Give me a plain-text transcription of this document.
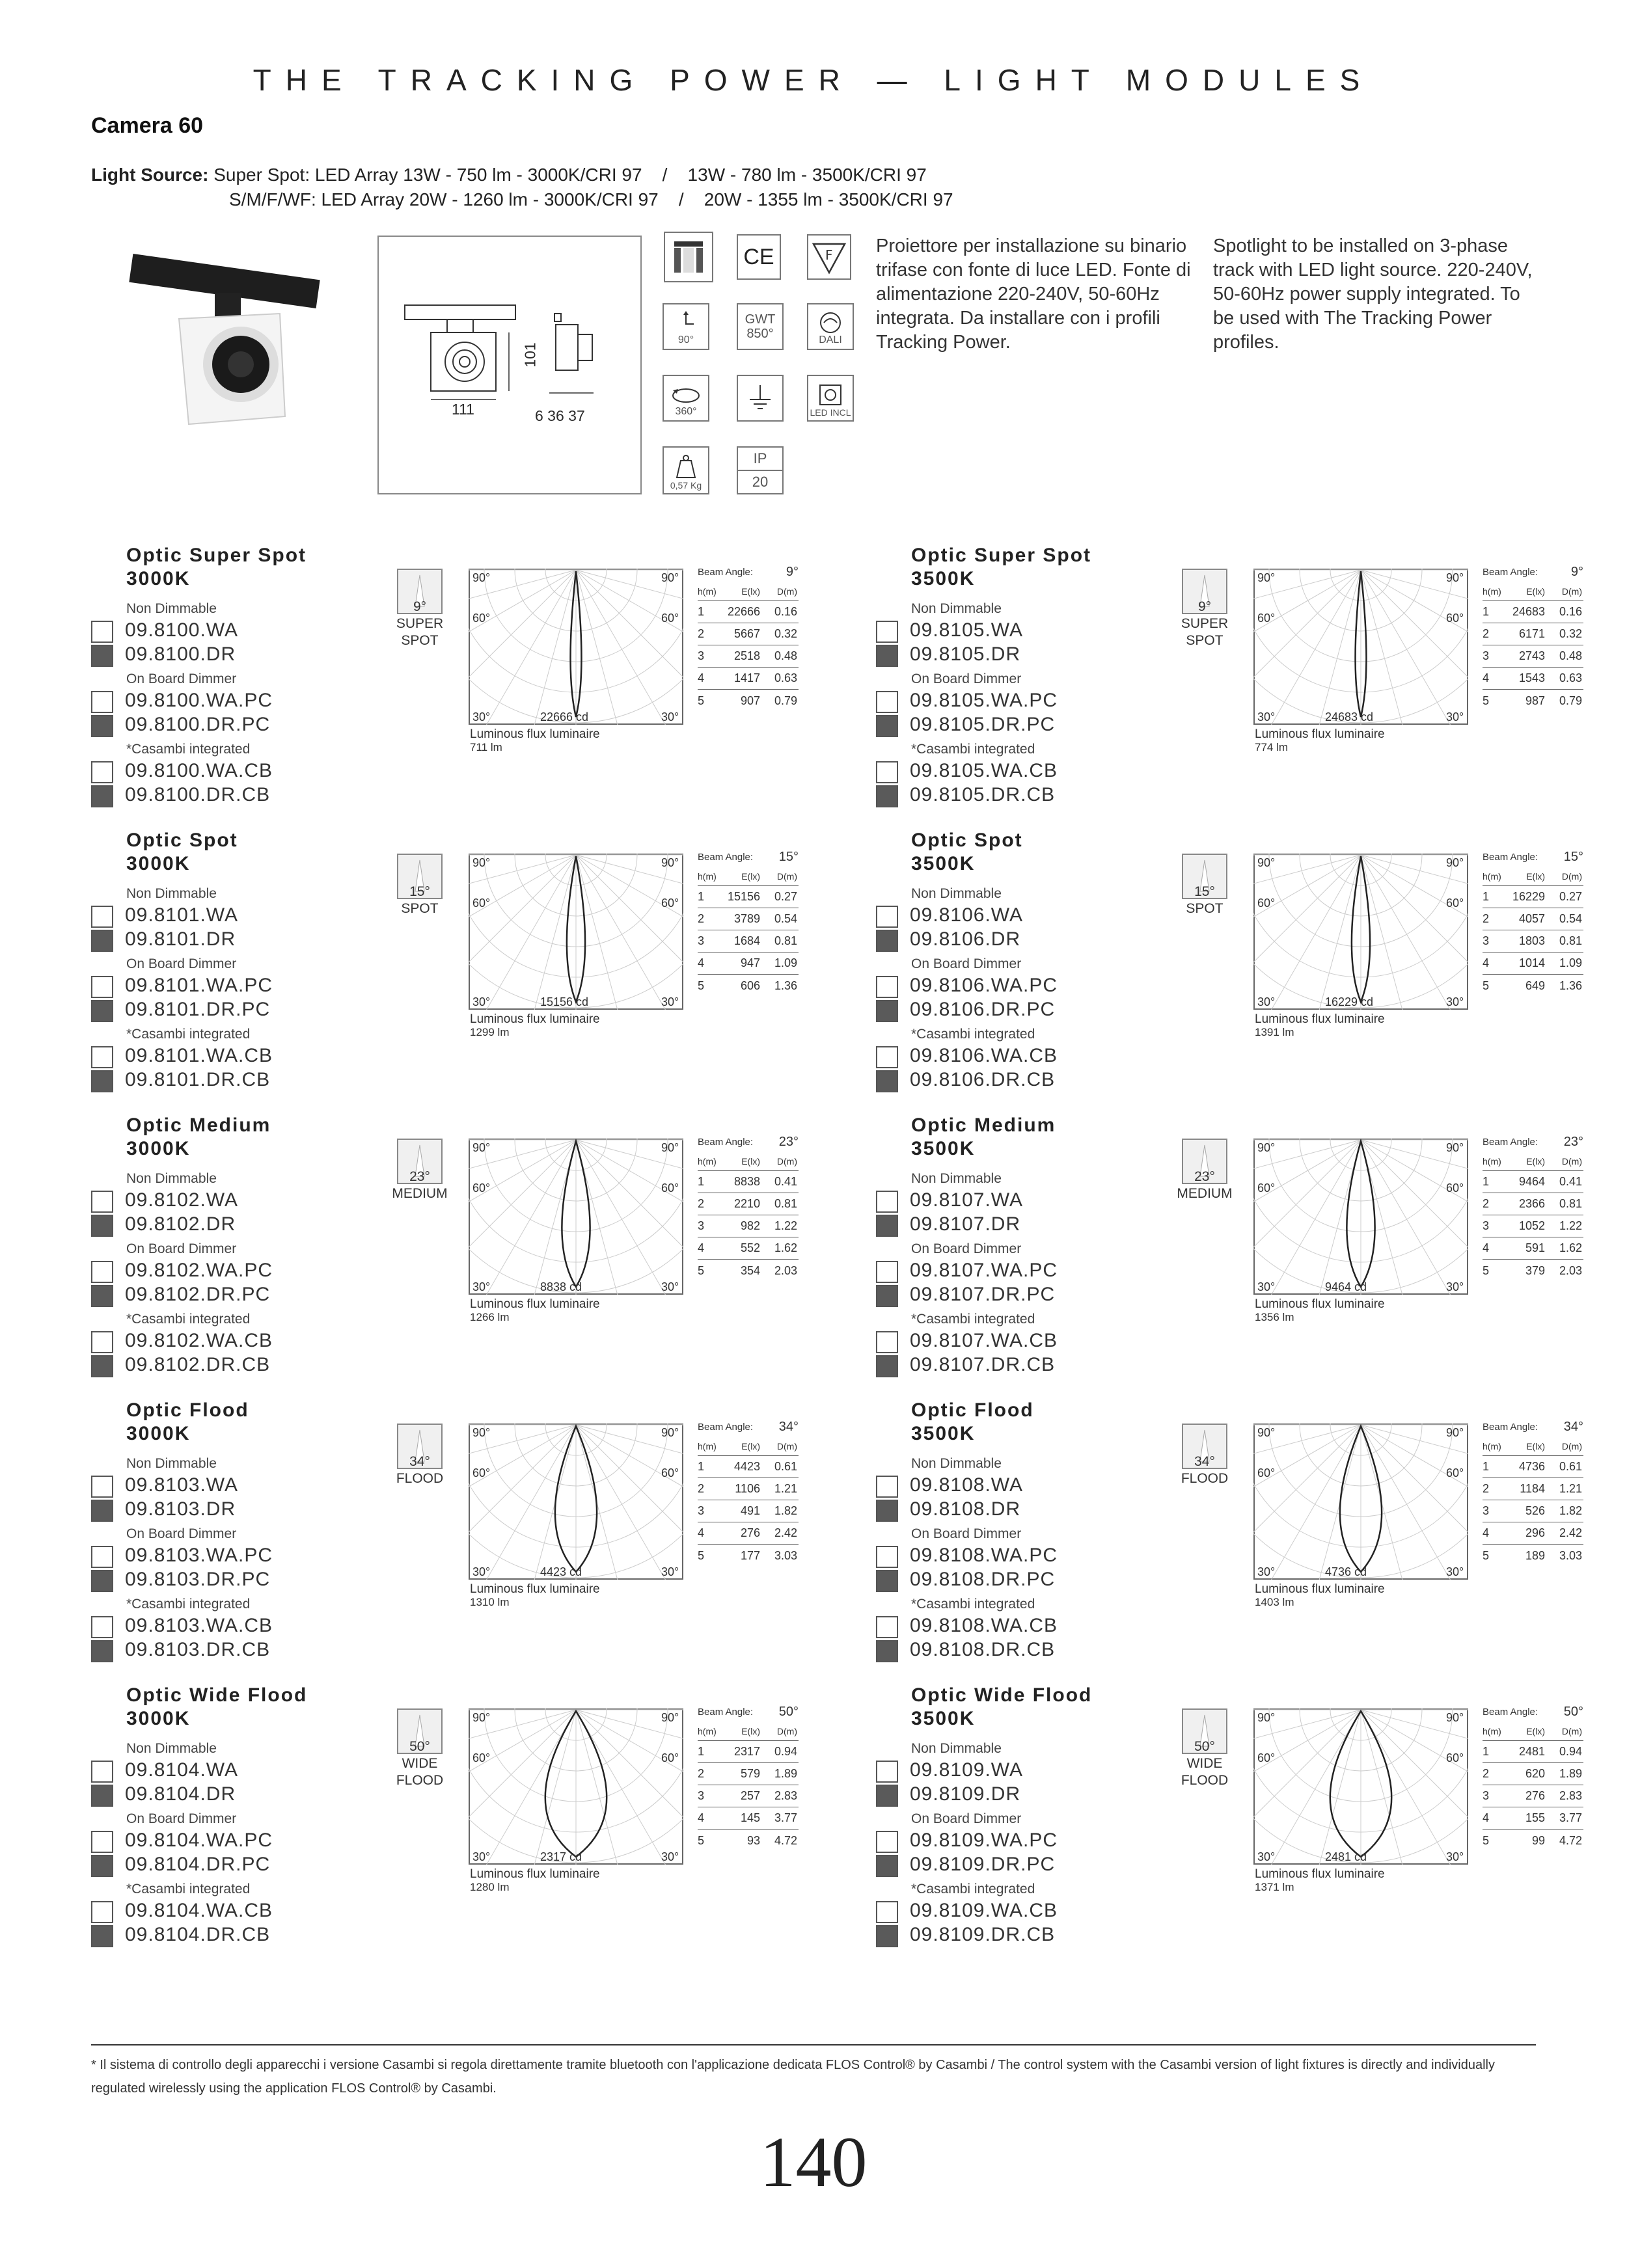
THE TRACKING POWER — LIGHT MODULES
Camera 60
Light Source: Super Spot: LED Array 13W - 750 lm - 3000K/CRI 97    /    13W - 780 lm - 3500K/CRI 97
S/M/F/WF: LED Array 20W - 1260 lm - 3000K/CRI 97    /    20W - 1355 lm - 3500K/CRI 97
111
101
6 36 37
CE	F
90°
GWT
850°	DALI
360°	LED INCL
0,57 Kg
IP
20
Proiettore per installazione su binario trifase con fonte di luce LED. Fonte di alimentazione 220-240V, 50-60Hz integrata. Da installare con i profili Tracking Power.
Spotlight to be installed on 3-phase track with LED light source. 220-240V, 50-60Hz power supply integrated. To be used with The Tracking Power profiles.
Optic Super Spot
3000K
Non Dimmable
09.8100.WA
09.8100.DR
On Board Dimmer
09.8100.WA.PC
09.8100.DR.PC
*Casambi integrated
09.8100.WA.CB
09.8100.DR.CB
9°
SUPER SPOT
90°	90°
60°	60°
30°	30°
22666 cd
Luminous flux luminaire
711 lm
Beam Angle:	9°
h(m)	E(lx)	D(m)
1	22666	0.16
2	5667	0.32
3	2518	0.48
4	1417	0.63
5	907	0.79
Optic Super Spot
3500K
Non Dimmable
09.8105.WA
09.8105.DR
On Board Dimmer
09.8105.WA.PC
09.8105.DR.PC
*Casambi integrated
09.8105.WA.CB
09.8105.DR.CB
9°
SUPER SPOT
90°	90°
60°	60°
30°	30°
24683 cd
Luminous flux luminaire
774 lm
Beam Angle:	9°
h(m)	E(lx)	D(m)
1	24683	0.16
2	6171	0.32
3	2743	0.48
4	1543	0.63
5	987	0.79
Optic Spot
3000K
Non Dimmable
09.8101.WA
09.8101.DR
On Board Dimmer
09.8101.WA.PC
09.8101.DR.PC
*Casambi integrated
09.8101.WA.CB
09.8101.DR.CB
15°
SPOT
90°	90°
60°	60°
30°	30°
15156 cd
Luminous flux luminaire
1299 lm
Beam Angle: 15°
h(m)	E(lx)	D(m)
1	15156	0.27
2	3789	0.54
3	1684	0.81
4	947	1.09
5	606	1.36
Optic Spot
3500K
Non Dimmable
09.8106.WA
09.8106.DR
On Board Dimmer
09.8106.WA.PC
09.8106.DR.PC
*Casambi integrated
09.8106.WA.CB
09.8106.DR.CB
15°
SPOT
90°	90°
60°	60°
30°	30°
16229 cd
Luminous flux luminaire
1391 lm
Beam Angle: 15°
h(m)	E(lx)	D(m)
1	16229	0.27
2	4057	0.54
3	1803	0.81
4	1014	1.09
5	649	1.36
Optic Medium
3000K
Non Dimmable
09.8102.WA
09.8102.DR
On Board Dimmer
09.8102.WA.PC
09.8102.DR.PC
*Casambi integrated
09.8102.WA.CB
09.8102.DR.CB
23°
MEDIUM
90°	90°
60°	60°
30°	30°
8838 cd
Luminous flux luminaire
1266 lm
Beam Angle: 23°
h(m)	E(lx)	D(m)
1	8838	0.41
2	2210	0.81
3	982	1.22
4	552	1.62
5	354	2.03
Optic Medium
3500K
Non Dimmable
09.8107.WA
09.8107.DR
On Board Dimmer
09.8107.WA.PC
09.8107.DR.PC
*Casambi integrated
09.8107.WA.CB
09.8107.DR.CB
23°
MEDIUM
90°	90°
60°	60°
30°	30°
9464 cd
Luminous flux luminaire
1356 lm
Beam Angle: 23°
h(m)	E(lx)	D(m)
1	9464	0.41
2	2366	0.81
3	1052	1.22
4	591	1.62
5	379	2.03
Optic Flood
3000K
Non Dimmable
09.8103.WA
09.8103.DR
On Board Dimmer
09.8103.WA.PC
09.8103.DR.PC
*Casambi integrated
09.8103.WA.CB
09.8103.DR.CB
34°
FLOOD
90°	90°
60°	60°
30°	30°
4423 cd
Luminous flux luminaire
1310 lm
Beam Angle: 34°
h(m)	E(lx)	D(m)
1	4423	0.61
2	1106	1.21
3	491	1.82
4	276	2.42
5	177	3.03
Optic Flood
3500K
Non Dimmable
09.8108.WA
09.8108.DR
On Board Dimmer
09.8108.WA.PC
09.8108.DR.PC
*Casambi integrated
09.8108.WA.CB
09.8108.DR.CB
34°
FLOOD
90°	90°
60°	60°
30°	30°
4736 cd
Luminous flux luminaire
1403 lm
Beam Angle: 34°
h(m)	E(lx)	D(m)
1	4736	0.61
2	1184	1.21
3	526	1.82
4	296	2.42
5	189	3.03
Optic Wide Flood
3000K
Non Dimmable
09.8104.WA
09.8104.DR
On Board Dimmer
09.8104.WA.PC
09.8104.DR.PC
*Casambi integrated
09.8104.WA.CB
09.8104.DR.CB
50°
WIDE FLOOD
90°	90°
60°	60°
30°	30°
2317 cd
Luminous flux luminaire
1280 lm
Beam Angle: 50°
h(m)	E(lx)	D(m)
1	2317	0.94
2	579	1.89
3	257	2.83
4	145	3.77
5	93	4.72
Optic Wide Flood
3500K
Non Dimmable
09.8109.WA
09.8109.DR
On Board Dimmer
09.8109.WA.PC
09.8109.DR.PC
*Casambi integrated
09.8109.WA.CB
09.8109.DR.CB
50°
WIDE FLOOD
90°	90°
60°	60°
30°	30°
2481 cd
Luminous flux luminaire
1371 lm
Beam Angle: 50°
h(m)	E(lx)	D(m)
1	2481	0.94
2	620	1.89
3	276	2.83
4	155	3.77
5	99	4.72
* Il sistema di controllo degli apparecchi i versione Casambi si regola direttamente tramite bluetooth con l'applicazione dedicata FLOS Control® by Casambi / The control system with the Casambi version of light fixtures is directly and individually regulated wirelessly using the application FLOS Control® by Casambi.
140
